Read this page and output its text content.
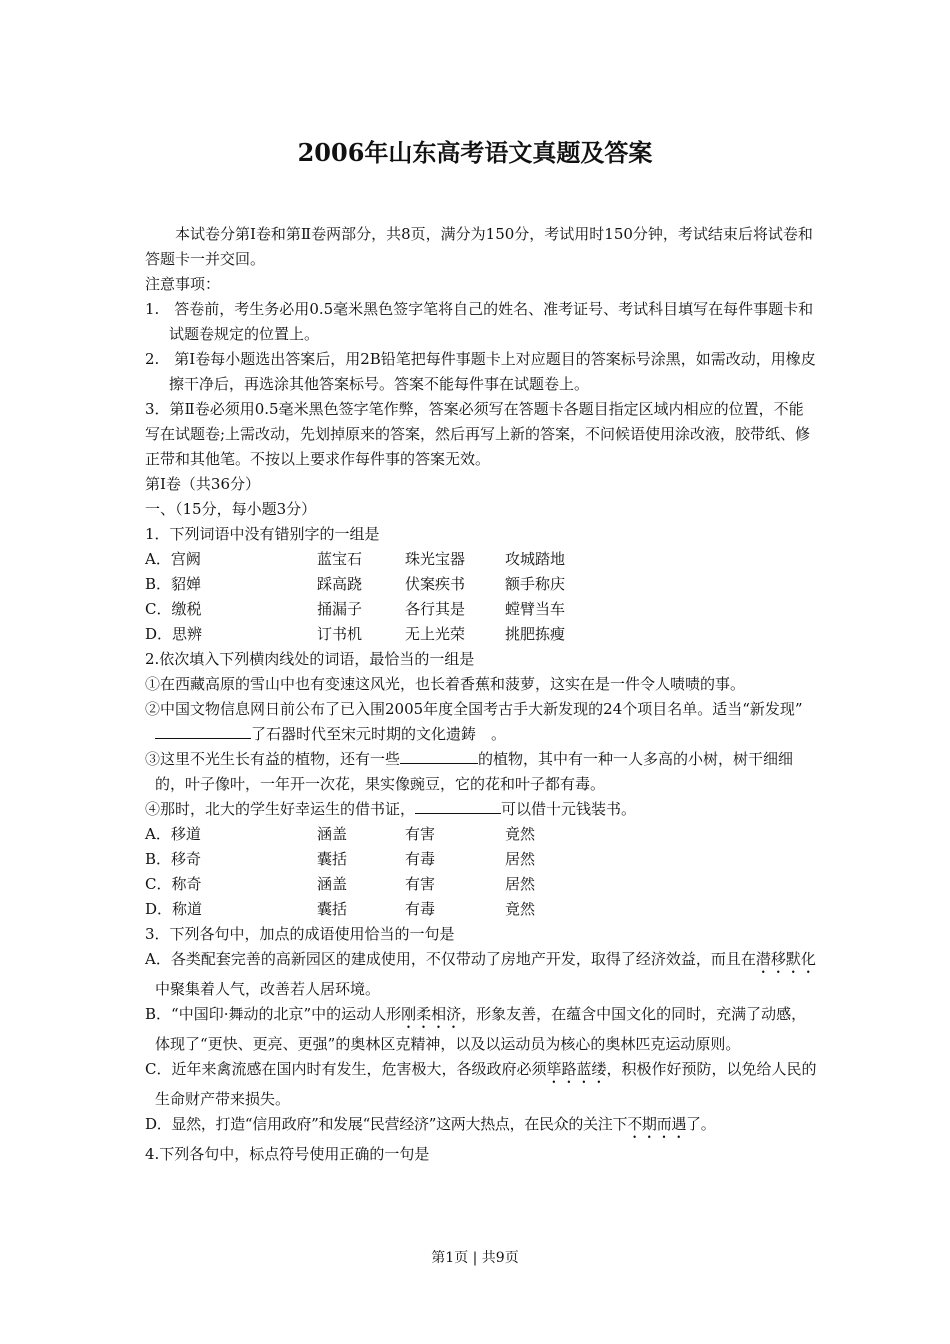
2006年山东高考语文真题及答案

本试卷分第Ⅰ卷和第Ⅱ卷两部分，共8页，满分为150分，考试用时150分钟，考试结束后将试卷和答题卡一并交回。

注意事项：

1.　答卷前，考生务必用0.5毫米黑色签字笔将自己的姓名、准考证号、考试科目填写在每件事题卡和试题卷规定的位置上。

2.　第Ⅰ卷每小题选出答案后，用2B铅笔把每件事题卡上对应题目的答案标号涂黑，如需改动，用橡皮擦干净后，再选涂其他答案标号。答案不能每件事在试题卷上。

3．第Ⅱ卷必须用0.5毫米黑色签字笔作弊，答案必须写在答题卡各题目指定区域内相应的位置，不能写在试题卷;上需改动，先划掉原来的答案，然后再写上新的答案，不问候语使用涂改液，胶带纸、修正带和其他笔。不按以上要求作每件事的答案无效。

第Ⅰ卷（共36分）

一、（15分，每小题3分）

1．下列词语中没有错别字的一组是

A．宫阙	蓝宝石	珠光宝器	攻城踏地
B．貂婵	踩高跷	伏案疾书	额手称庆
C．缴税	捅漏子	各行其是	螳臂当车
D．思辨	订书机	无上光荣	挑肥拣瘦

2.依次填入下列横肉线处的词语，最恰当的一组是

①在西藏高原的雪山中也有变速这风光，也长着香蕉和菠萝，这实在是一件令人啧啧的事。

②中国文物信息网日前公布了已入围2005年度全国考古手大新发现的24个项目名单。适当“新发现”了石器时代至宋元时期的文化遗鋳　。

③这里不光生长有益的植物，还有一些	的植物，其中有一种一人多高的小树，树干细细的，叶子像叶，一年开一次花，果实像豌豆，它的花和叶子都有毒。

④那时，北大的学生好幸运生的借书证，	可以借十元钱装书。

A．移道	涵盖	有害	竟然
B．移奇	囊括	有毒	居然
C．称奇	涵盖	有害	居然
D．称道	囊括	有毒	竟然

3．下列各句中，加点的成语使用恰当的一句是

A．各类配套完善的高新园区的建成使用，不仅带动了房地产开发，取得了经济效益，而且在潜移默化中聚集着人气，改善若人居环境。

B．“中国印·舞动的北京”中的运动人形刚柔相济，形象友善，在蕴含中国文化的同时，充满了动感，体现了“更快、更亮、更强”的奥林区克精神，以及以运动员为核心的奥林匹克运动原则。

C．近年来禽流感在国内时有发生，危害极大，各级政府必须筚路蓝缕，积极作好预防，以免给人民的生命财产带来损失。

D．显然，打造“信用政府”和发展“民营经济”这两大热点，在民众的关注下不期而遇了。

4.下列各句中，标点符号使用正确的一句是

第1页 | 共9页
